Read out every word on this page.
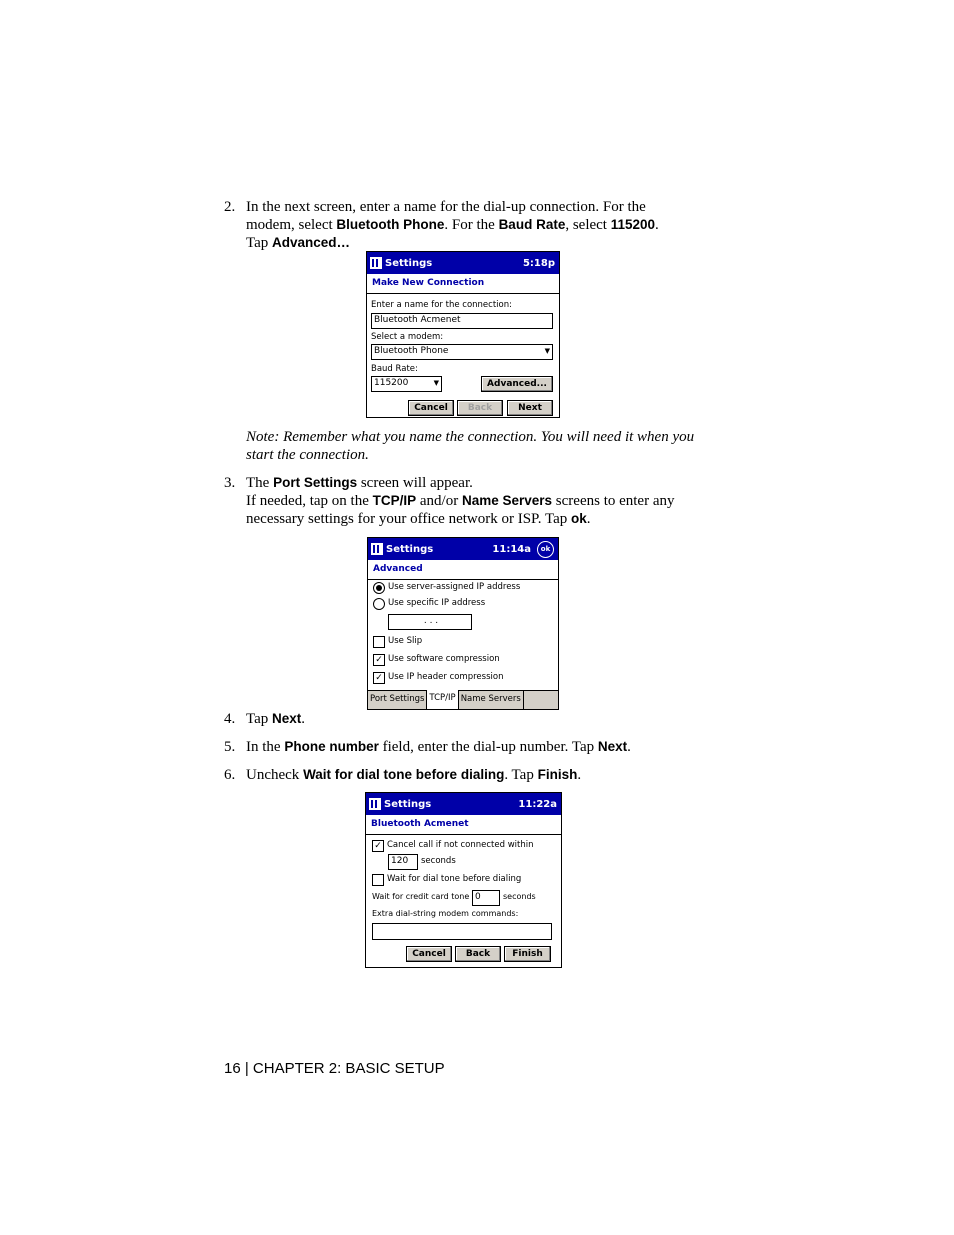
2. In the next screen, enter a name for the dial-up connection. For the
modem, select Bluetooth Phone. For the Baud Rate, select 115200.
Tap Advanced…
Settings	5:18p
Make New Connection
Enter a name for the connection:
Bluetooth Acmenet
Select a modem:
Bluetooth Phone ▼
Baud Rate:
115200 ▼	Advanced...
Cancel	Back	Next
Note: Remember what you name the connection. You will need it when you start the connection.
3. The Port Settings screen will appear.
If needed, tap on the TCP/IP and/or Name Servers screens to enter any
necessary settings for your office network or ISP. Tap ok.
Settings	11:14a	ok
Advanced
Use server-assigned IP address
Use specific IP address
. . .
Use Slip
✓ Use software compression
✓ Use IP header compression
Port Settings TCP/IP Name Servers
4. Tap Next.
5. In the Phone number field, enter the dial-up number. Tap Next.
6. Uncheck Wait for dial tone before dialing. Tap Finish.
Settings	11:22a
Bluetooth Acmenet
✓ Cancel call if not connected within
120	seconds
Wait for dial tone before dialing
Wait for credit card tone 0	seconds
Extra dial-string modem commands:
Cancel	Back	Finish
16 | CHAPTER 2: BASIC SETUP
